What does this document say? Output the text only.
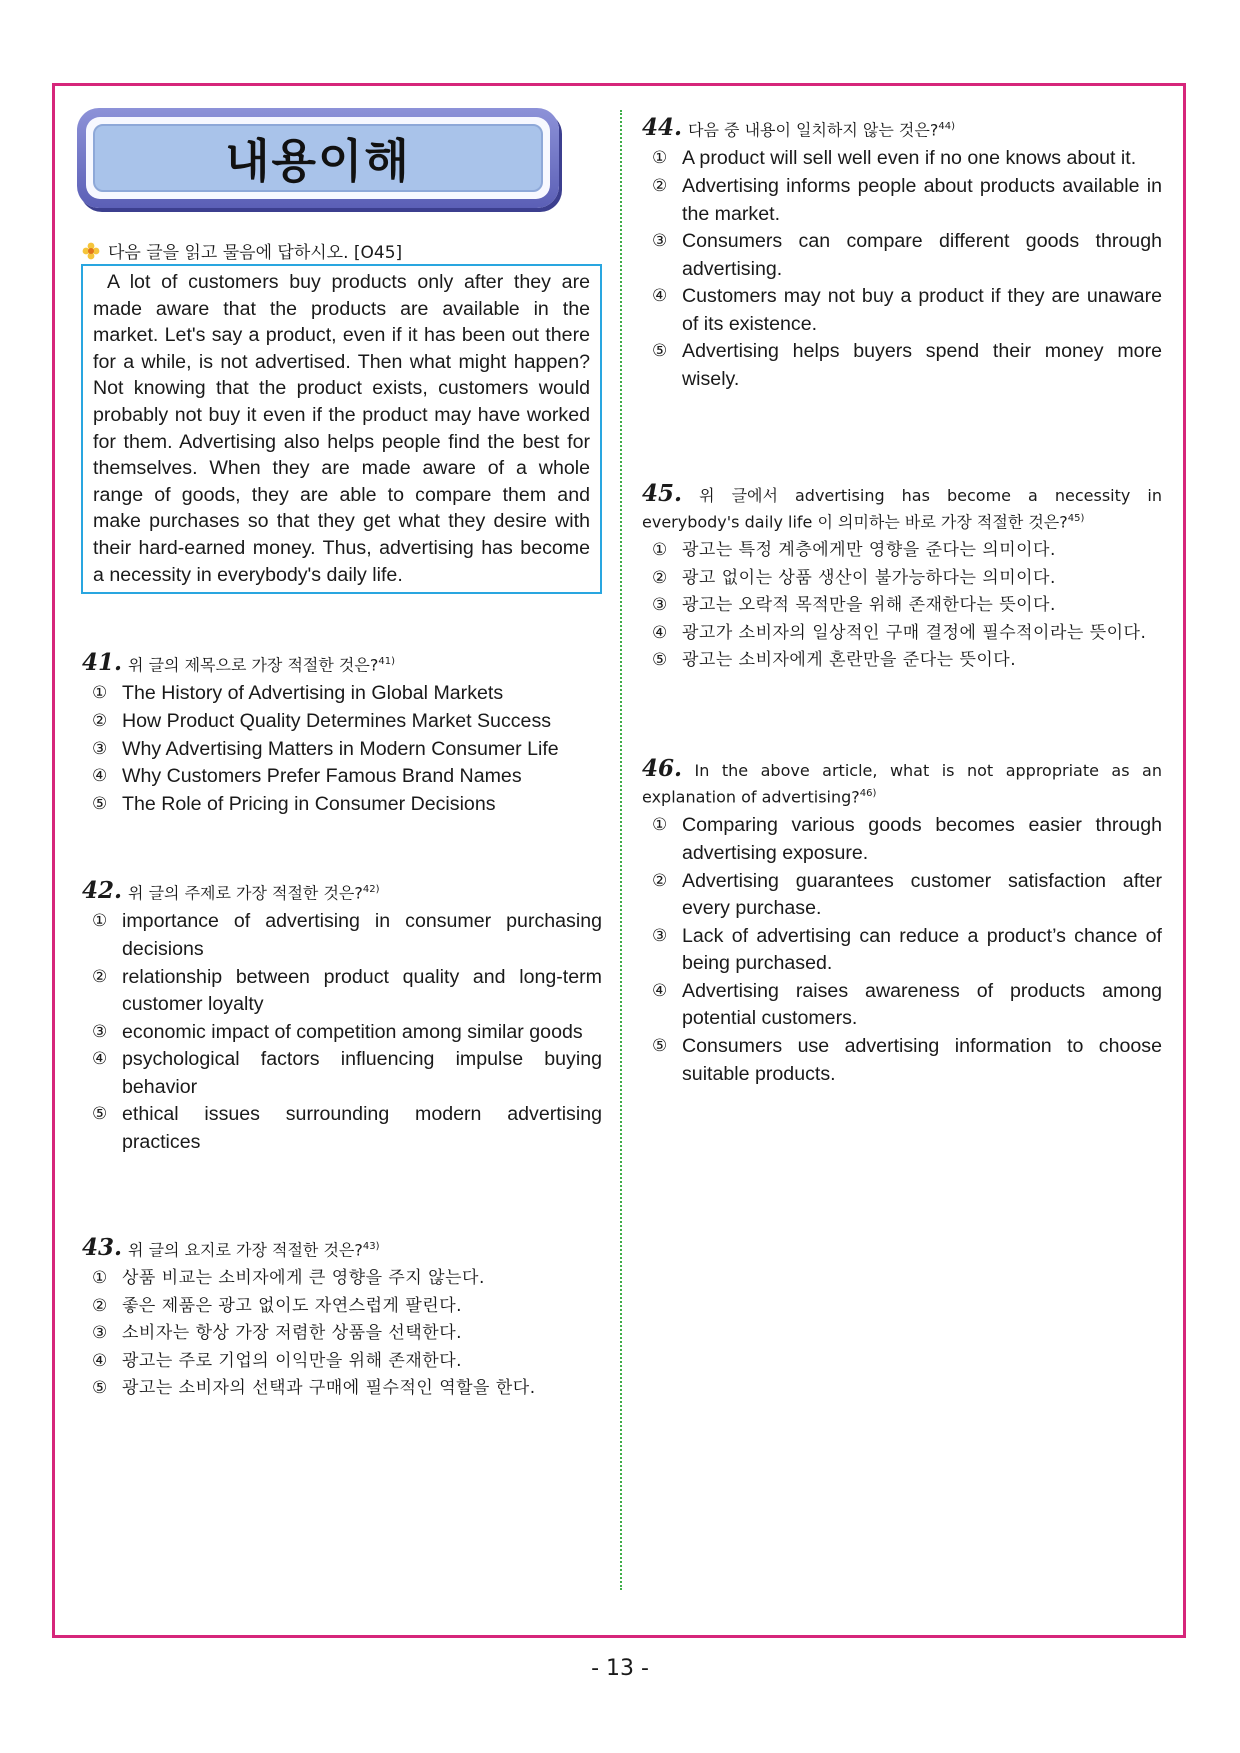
내용이해
다음 글을 읽고 물음에 답하시오. [O45]
A lot of customers buy products only after they are made aware that the products are available in the market. Let's say a product, even if it has been out there for a while, is not advertised. Then what might happen? Not knowing that the product exists, customers would probably not buy it even if the product may have worked for them. Advertising also helps people find the best for themselves. When they are made aware of a whole range of goods, they are able to compare them and make purchases so that they get what they desire with their hard-earned money. Thus, advertising has become a necessity in everybody's daily life.
41 . 위 글의 제목으로 가장 적절한 것은?$^{41)}$
① The History of Advertising in Global Markets
② How Product Quality Determines Market Success
③ Why Advertising Matters in Modern Consumer Life
④ Why Customers Prefer Famous Brand Names
⑤ The Role of Pricing in Consumer Decisions
42 . 위 글의 주제로 가장 적절한 것은?$^{42)}$
① importance of advertising in consumer purchasing decisions
② relationship between product quality and long-term customer loyalty
③ economic impact of competition among similar goods
④ psychological factors influencing impulse buying behavior
⑤ ethical issues surrounding modern advertising practices
43 . 위 글의 요지로 가장 적절한 것은?$^{43)}$
① 상품 비교는 소비자에게 큰 영향을 주지 않는다.
② 좋은 제품은 광고 없이도 자연스럽게 팔린다.
③ 소비자는 항상 가장 저렴한 상품을 선택한다.
④ 광고는 주로 기업의 이익만을 위해 존재한다.
⑤ 광고는 소비자의 선택과 구매에 필수적인 역할을 한다.
44 . 다음 중 내용이 일치하지 않는 것은?$^{44)}$
① A product will sell well even if no one knows about it.
② Advertising informs people about products available in the market.
③ Consumers can compare different goods through advertising.
④ Customers may not buy a product if they are unaware of its existence.
⑤ Advertising helps buyers spend their money more wisely.
45 . 위 글에서 advertising has become a necessity in everybody's daily life 이 의미하는 바로 가장 적절한 것은?$^{45)}$
① 광고는 특정 계층에게만 영향을 준다는 의미이다.
② 광고 없이는 상품 생산이 불가능하다는 의미이다.
③ 광고는 오락적 목적만을 위해 존재한다는 뜻이다.
④ 광고가 소비자의 일상적인 구매 결정에 필수적이라는 뜻이다.
⑤ 광고는 소비자에게 혼란만을 준다는 뜻이다.
46 . In the above article, what is not appropriate as an explanation of advertising?$^{46)}$
① Comparing various goods becomes easier through advertising exposure.
② Advertising guarantees customer satisfaction after every purchase.
③ Lack of advertising can reduce a product’s chance of being purchased.
④ Advertising raises awareness of products among potential customers.
⑤ Consumers use advertising information to choose suitable products.
- 13 -
